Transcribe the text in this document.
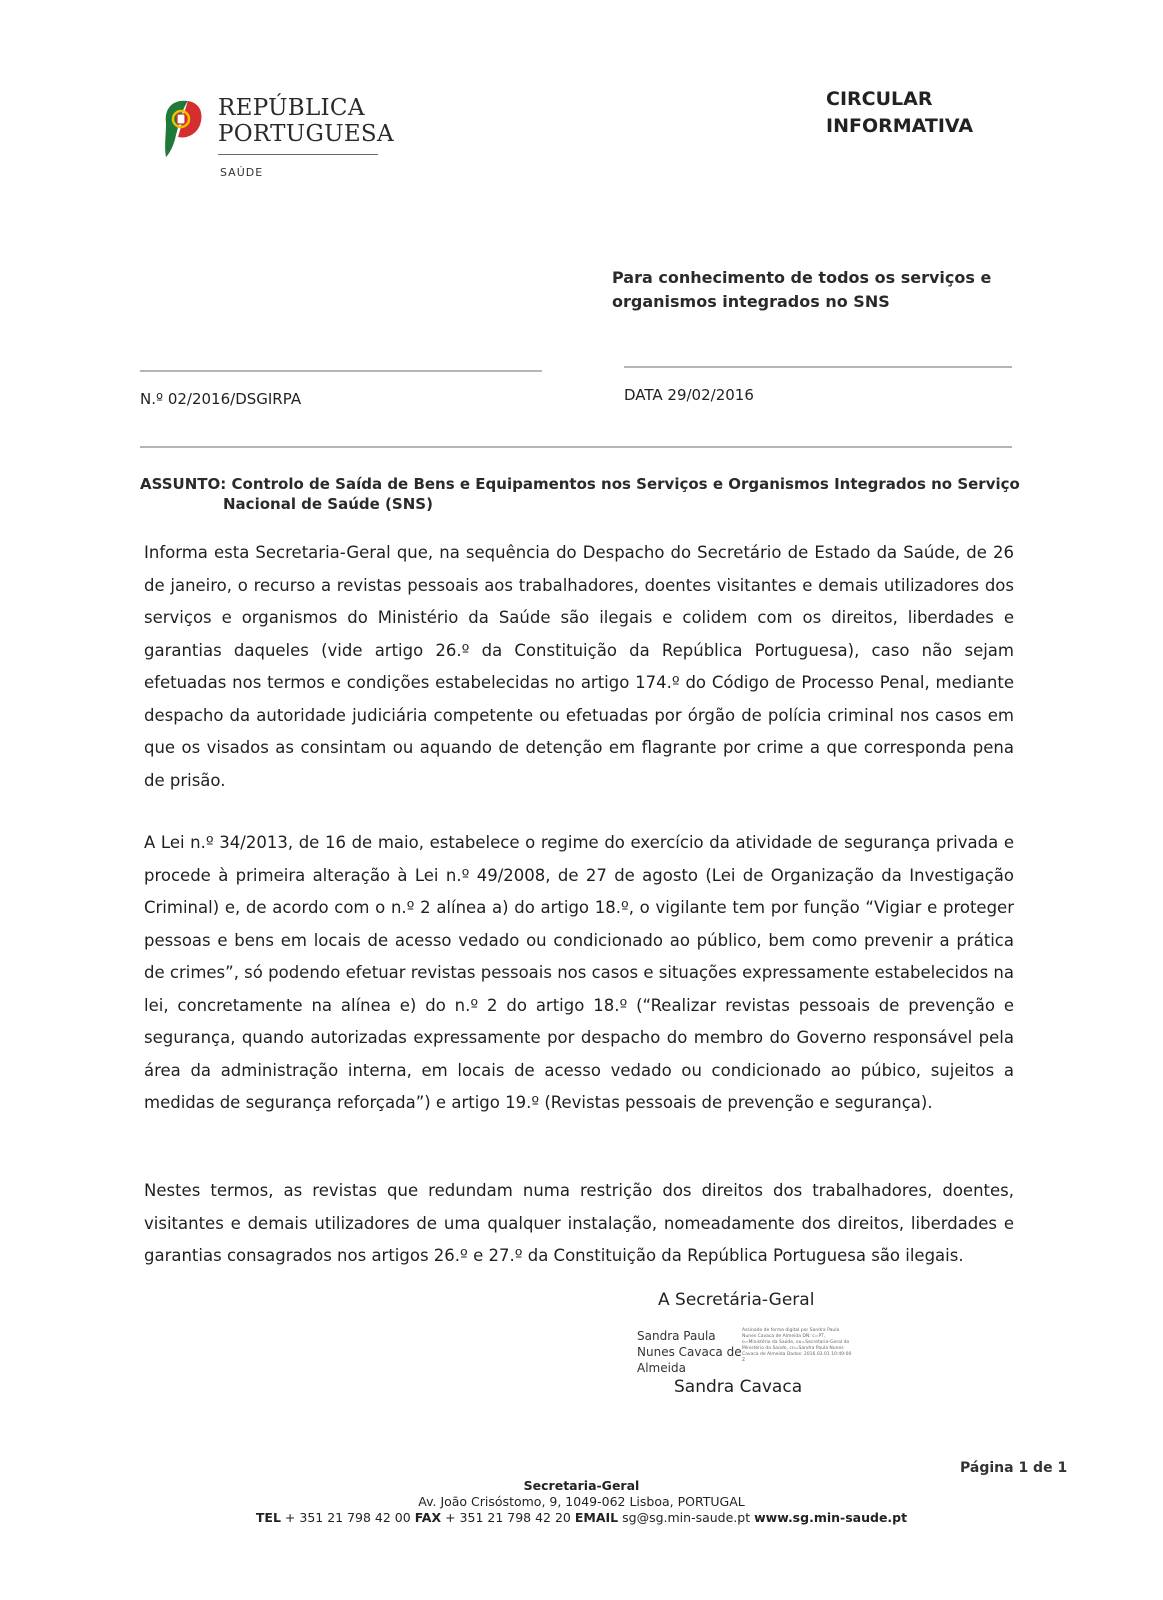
REPÚBLICA
PORTUGUESA
SAÚDE
CIRCULAR
INFORMATIVA
Para conhecimento de todos os serviços e
organismos integrados no SNS
N.º 02/2016/DSGIRPA	DATA 29/02/2016
ASSUNTO: Controlo de Saída de Bens e Equipamentos nos Serviços e Organismos Integrados no Serviço
Nacional de Saúde (SNS)
Informa esta Secretaria-Geral que, na sequência do Despacho do Secretário de Estado da Saúde, de 26 de janeiro, o recurso a revistas pessoais aos trabalhadores, doentes visitantes e demais utilizadores dos serviços e organismos do Ministério da Saúde são ilegais e colidem com os direitos, liberdades e garantias daqueles (vide artigo 26.º da Constituição da República Portuguesa), caso não sejam efetuadas nos termos e condições estabelecidas no artigo 174.º do Código de Processo Penal, mediante despacho da autoridade judiciária competente ou efetuadas por órgão de polícia criminal nos casos em que os visados as consintam ou aquando de detenção em flagrante por crime a que corresponda pena de prisão.
A Lei n.º 34/2013, de 16 de maio, estabelece o regime do exercício da atividade de segurança privada e procede à primeira alteração à Lei n.º 49/2008, de 27 de agosto (Lei de Organização da Investigação Criminal) e, de acordo com o n.º 2 alínea a) do artigo 18.º, o vigilante tem por função “Vigiar e proteger pessoas e bens em locais de acesso vedado ou condicionado ao público, bem como prevenir a prática de crimes”, só podendo efetuar revistas pessoais nos casos e situações expressamente estabelecidos na lei, concretamente na alínea e) do n.º 2 do artigo 18.º (“Realizar revistas pessoais de prevenção e segurança, quando autorizadas expressamente por despacho do membro do Governo responsável pela área da administração interna, em locais de acesso vedado ou condicionado ao púbico, sujeitos a medidas de segurança reforçada”) e artigo 19.º (Revistas pessoais de prevenção e segurança).
Nestes termos, as revistas que redundam numa restrição dos direitos dos trabalhadores, doentes, visitantes e demais utilizadores de uma qualquer instalação, nomeadamente dos direitos, liberdades e garantias consagrados nos artigos 26.º e 27.º da Constituição da República Portuguesa são ilegais.
A Secretária-Geral
Sandra Paula
Nunes Cavaca de
Almeida
Assinado de forma digital por Sandra Paula Nunes Cavaca de Almeida DN: c=PT, o=Ministério da Saúde, ou=Secretaria-Geral do Ministério da Saúde, cn=Sandra Paula Nunes Cavaca de Almeida Dados: 2016.03.01 10:49:00 Z
Sandra Cavaca
Página 1 de 1
Secretaria-Geral
Av. João Crisóstomo, 9, 1049-062 Lisboa, PORTUGAL
TEL + 351 21 798 42 00 FAX + 351 21 798 42 20 EMAIL sg@sg.min-saude.pt www.sg.min-saude.pt
